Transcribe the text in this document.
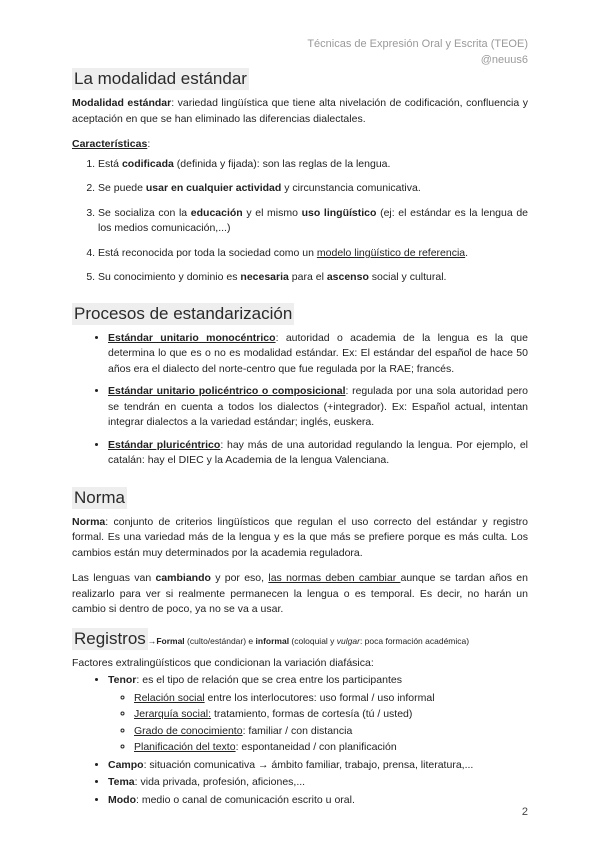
Técnicas de Expresión Oral y Escrita (TEOE)
@neuus6
La modalidad estándar

Modalidad estándar: variedad lingüística que tiene alta nivelación de codificación, confluencia y aceptación en que se han eliminado las diferencias dialectales.

Características:

1. Está codificada (definida y fijada): son las reglas de la lengua.
2. Se puede usar en cualquier actividad y circunstancia comunicativa.
3. Se socializa con la educación y el mismo uso lingüístico (ej: el estándar es la lengua de los medios comunicación,...)
4. Está reconocida por toda la sociedad como un modelo lingüístico de referencia.
5. Su conocimiento y dominio es necesaria para el ascenso social y cultural.
Procesos de estandarización
• Estándar unitario monocéntrico: autoridad o academia de la lengua es la que determina lo que es o no es modalidad estándar. Ex: El estándar del español de hace 50 años era el dialecto del norte-centro que fue regulada por la RAE; francés.
• Estándar unitario policéntrico o composicional: regulada por una sola autoridad pero se tendrán en cuenta a todos los dialectos (+integrador). Ex: Español actual, intentan integrar dialectos a la variedad estándar; inglés, euskera.
• Estándar pluricéntrico: hay más de una autoridad regulando la lengua. Por ejemplo, el catalán: hay el DIEC y la Academia de la lengua Valenciana.
Norma

Norma: conjunto de criterios lingüísticos que regulan el uso correcto del estándar y registro formal. Es una variedad más de la lengua y es la que más se prefiere porque es más culta. Los cambios están muy determinados por la academia reguladora.

Las lenguas van cambiando y por eso, las normas deben cambiar aunque se tardan años en realizarlo para ver si realmente permanecen la lengua o es temporal. Es decir, no harán un cambio si dentro de poco, ya no se va a usar.

Registros →Formal (culto/estándar) e informal (coloquial y vulgar: poca formación académica)

Factores extralingüísticos que condicionan la variación diafásica:

• Tenor: es el tipo de relación que se crea entre los participantes
◦ Relación social entre los interlocutores: uso formal / uso informal
◦ Jerarquía social: tratamiento, formas de cortesía (tú / usted)
◦ Grado de conocimiento: familiar / con distancia
◦ Planificación del texto: espontaneidad / con planificación
• Campo: situación comunicativa → ámbito familiar, trabajo, prensa, literatura,...
• Tema: vida privada, profesión, aficiones,...
• Modo: medio o canal de comunicación escrito u oral.
2
